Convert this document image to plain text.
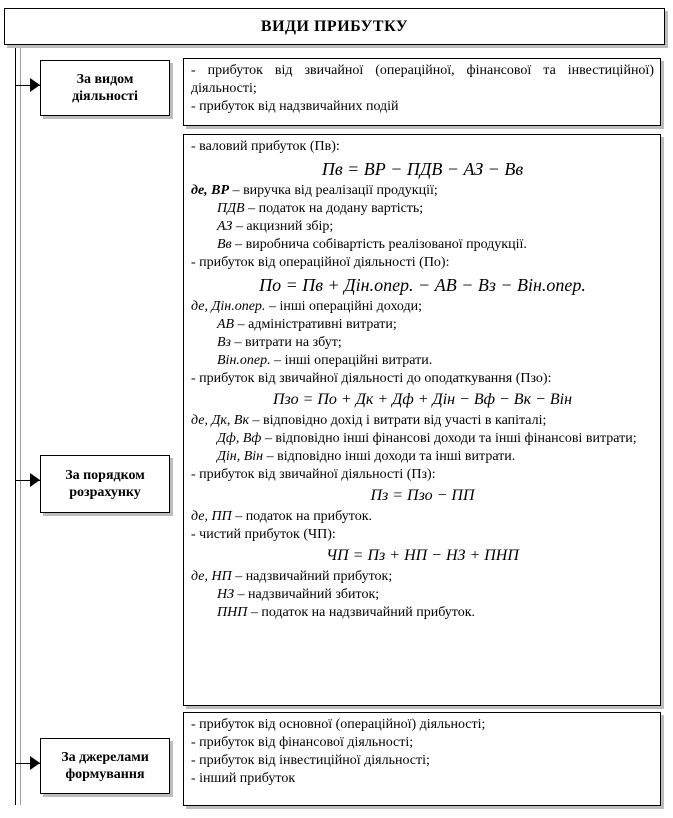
ВИДИ ПРИБУТКУ
За видом діяльності
- прибуток від звичайної (операційної, фінансової та інвестиційної) діяльності;
- прибуток від надзвичайних подій
За порядком розрахунку
- валовий прибуток (Пв):
Пв = ВР − ПДВ − АЗ − Вв
де, ВР – виручка від реалізації продукції;
ПДВ – податок на додану вартість;
АЗ – акцизний збір;
Вв – виробнича собівартість реалізованої продукції.
- прибуток від операційної діяльності (По):
По = Пв + Дін.опер. − АВ − Вз − Він.опер.
де, Дін.опер. – інші операційні доходи;
АВ – адміністративні витрати;
Вз – витрати на збут;
Він.опер. – інші операційні витрати.
- прибуток від звичайної діяльності до оподаткування (Пзо):
Пзо = По + Дк + Дф + Дін − Вф − Вк − Він
де, Дк, Вк – відповідно дохід і витрати від участі в капіталі;
Дф, Вф – відповідно інші фінансові доходи та інші фінансові витрати;
Дін, Він – відповідно інші доходи та інші витрати.
- прибуток від звичайної діяльності (Пз):
Пз = Пзо − ПП
де, ПП – податок на прибуток.
- чистий прибуток (ЧП):
ЧП = Пз + НП − НЗ + ПНП
де, НП – надзвичайний прибуток;
НЗ – надзвичайний збиток;
ПНП – податок на надзвичайний прибуток.
За джерелами формування
- прибуток від основної (операційної) діяльності;
- прибуток від фінансової діяльності;
- прибуток від інвестиційної діяльності;
- інший прибуток
